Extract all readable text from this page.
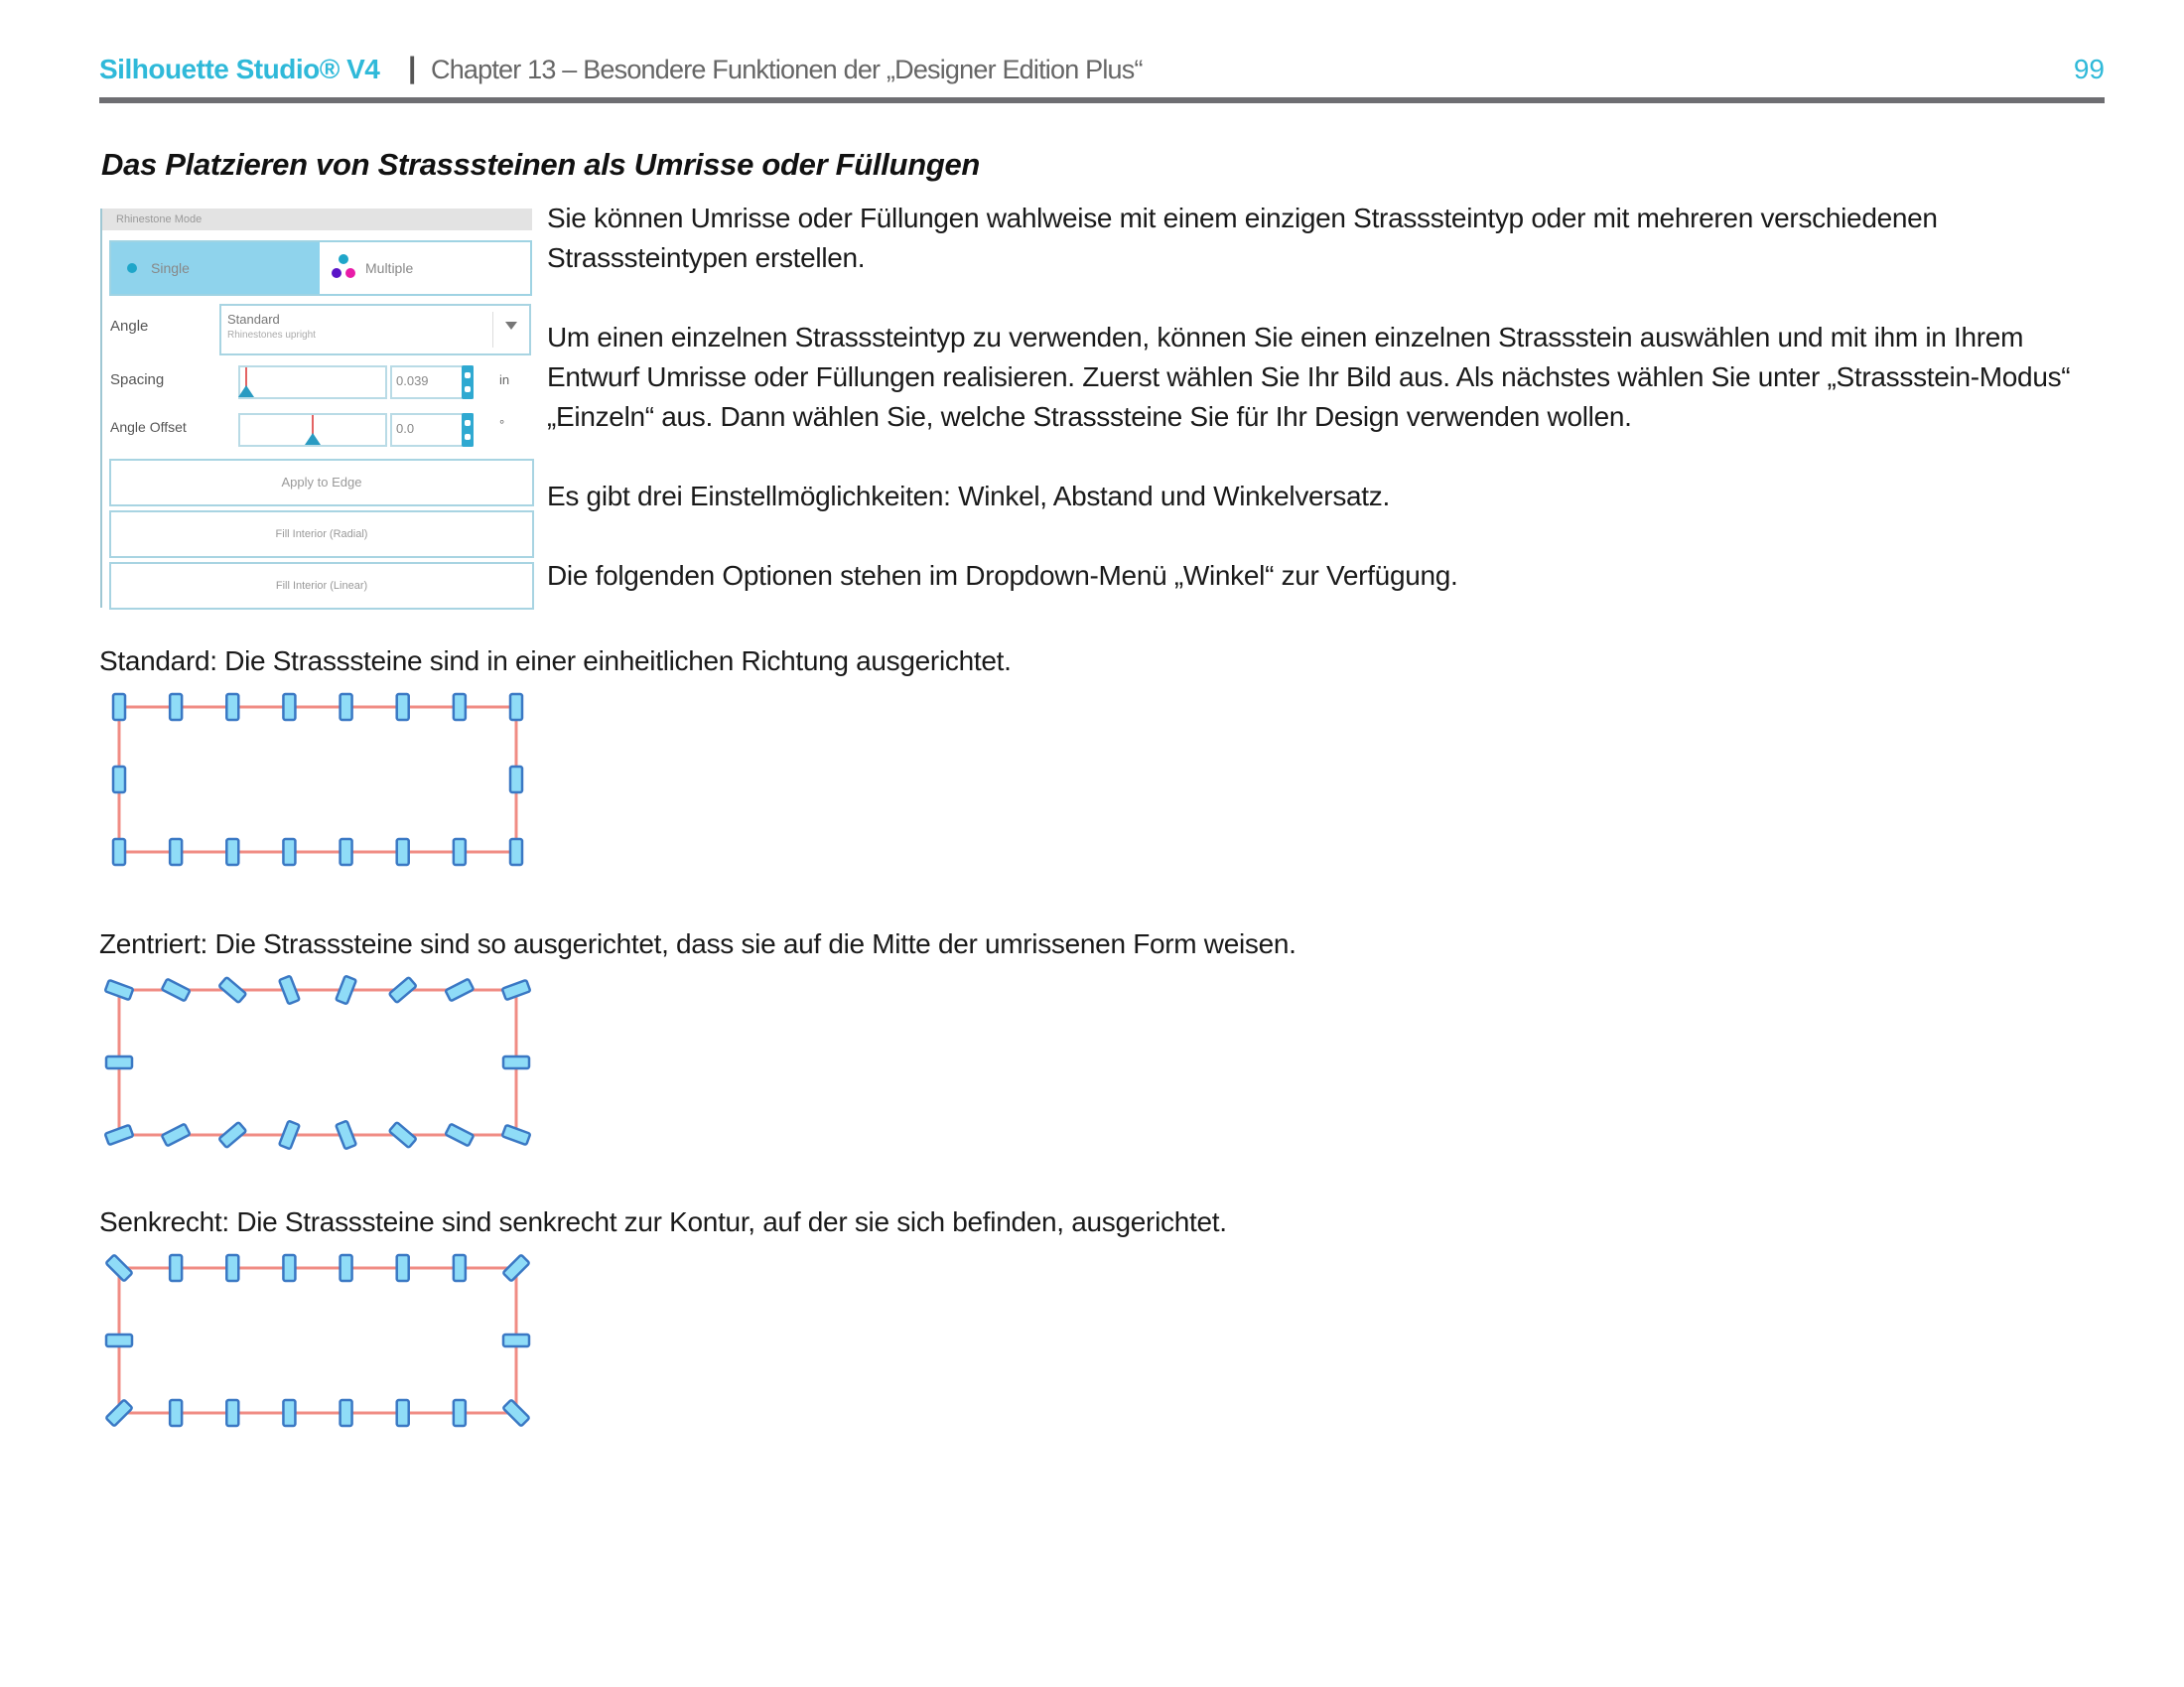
Silhouette Studio® V4 | Chapter 13 – Besondere Funktionen der „Designer Edition Plus“	99
Das Platzieren von Strasssteinen als Umrisse oder Füllungen
Rhinestone Mode
Single	Multiple
Angle	Standard
Rhinestones upright
Spacing	0.039	in
Angle Offset	0.0	°
Apply to Edge
Fill Interior (Radial)
Fill Interior (Linear)

Sie können Umrisse oder Füllungen wahlweise mit einem einzigen Strasssteintyp oder mit mehreren verschiedenen Strasssteintypen erstellen.

Um einen einzelnen Strasssteintyp zu verwenden, können Sie einen einzelnen Strassstein auswählen und mit ihm in Ihrem Entwurf Umrisse oder Füllungen realisieren. Zuerst wählen Sie Ihr Bild aus. Als nächstes wählen Sie unter „Strassstein-Modus“ „Einzeln“ aus. Dann wählen Sie, welche Strasssteine Sie für Ihr Design verwenden wollen.

Es gibt drei Einstellmöglichkeiten: Winkel, Abstand und Winkelversatz.

Die folgenden Optionen stehen im Dropdown-Menü „Winkel“ zur Verfügung.

Standard: Die Strasssteine sind in einer einheitlichen Richtung ausgerichtet.
Zentriert: Die Strasssteine sind so ausgerichtet, dass sie auf die Mitte der umrissenen Form weisen.
Senkrecht: Die Strasssteine sind senkrecht zur Kontur, auf der sie sich befinden, ausgerichtet.
